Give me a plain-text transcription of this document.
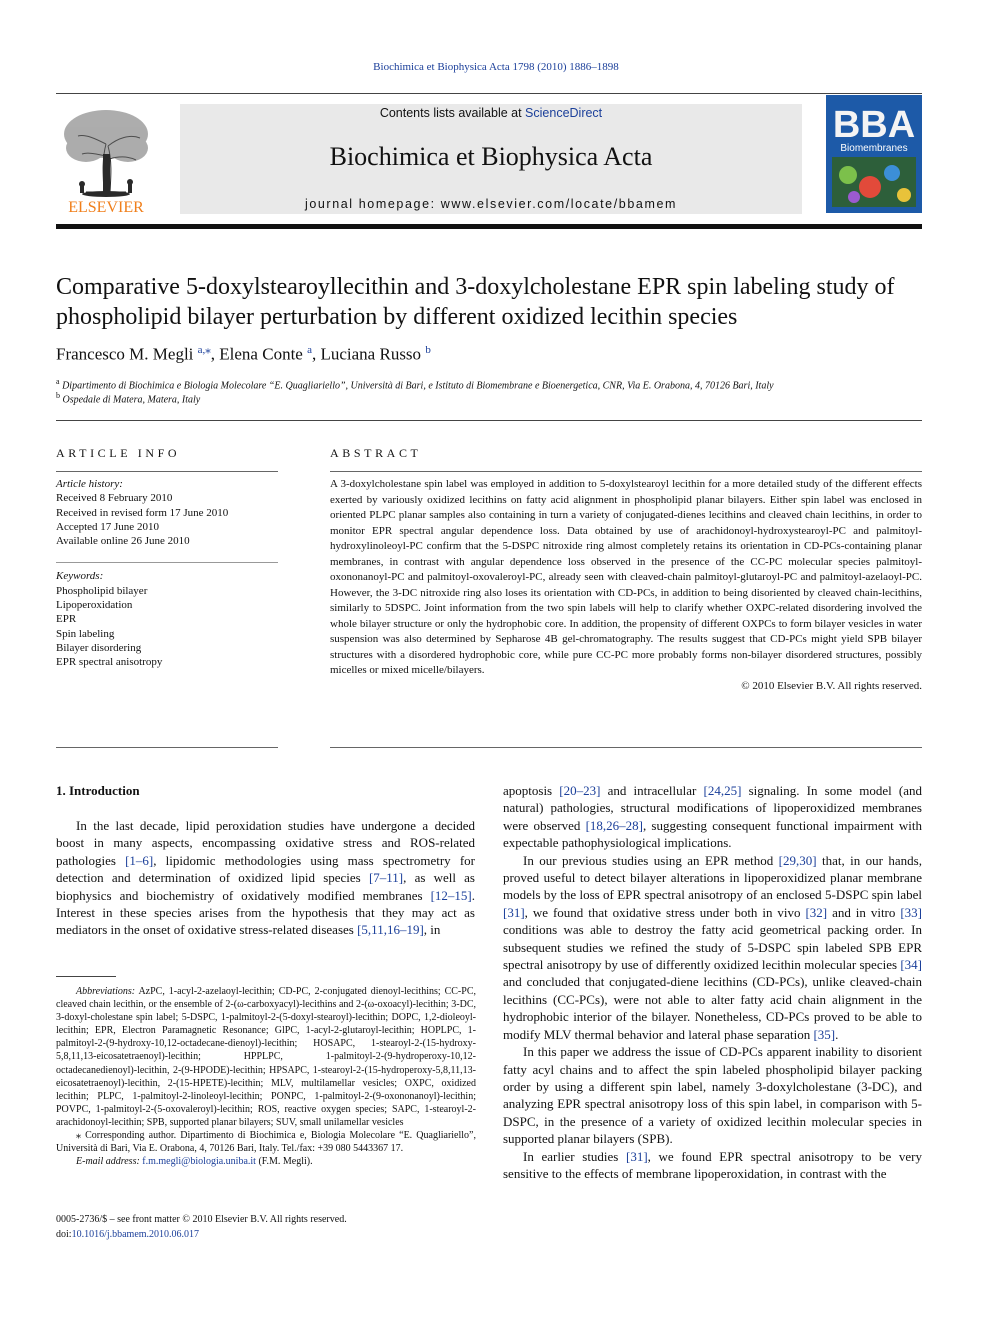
Biochimica et Biophysica Acta 1798 (2010) 1886–1898
ELSEVIER
Contents lists available at ScienceDirect
Biochimica et Biophysica Acta
journal homepage: www.elsevier.com/locate/bbamem
BBA
Biomembranes
Comparative 5-doxylstearoyllecithin and 3-doxylcholestane EPR spin labeling study of phospholipid bilayer perturbation by different oxidized lecithin species
Francesco M. Megli $^{a,⁎}$, Elena Conte $^a$, Luciana Russo $^b$
$^a$ Dipartimento di Biochimica e Biologia Molecolare “E. Quagliariello”, Università di Bari, e Istituto di Biomembrane e Bioenergetica, CNR, Via E. Orabona, 4, 70126 Bari, Italy
$^b$ Ospedale di Matera, Matera, Italy
ARTICLE INFO
Article history:
Received 8 February 2010
Received in revised form 17 June 2010
Accepted 17 June 2010
Available online 26 June 2010
Keywords:
Phospholipid bilayer
Lipoperoxidation
EPR
Spin labeling
Bilayer disordering
EPR spectral anisotropy
ABSTRACT
A 3-doxylcholestane spin label was employed in addition to 5-doxylstearoyl lecithin for a more detailed study of the different effects exerted by variously oxidized lecithins on fatty acid alignment in phospholipid planar bilayers. Either spin label was enclosed in oriented PLPC planar samples also containing in turn a variety of conjugated-dienes lecithins and cleaved chain lecithins, in order to monitor EPR spectral angular dependence loss. Data obtained by use of arachidonoyl-hydroxystearoyl-PC and palmitoyl-hydroxylinoleoyl-PC confirm that the 5-DSPC nitroxide ring almost completely retains its orientation in CD-PCs-containing planar membranes, in contrast with angular dependence loss observed in the presence of the CC-PC molecular species palmitoyl-oxononanoyl-PC and palmitoyl-oxovaleroyl-PC, already seen with cleaved-chain palmitoyl-glutaroyl-PC and palmitoyl-azelaoyl-PC. However, the 3-DC nitroxide ring also loses its orientation with CD-PCs, in addition to being disoriented by cleaved chain-lecithins, similarly to 5DSPC. Joint information from the two spin labels will help to clarify whether OXPC-related disordering involved the whole bilayer structure or only the hydrophobic core. In addition, the propensity of different OXPCs to form bilayer vesicles in water suspension was also determined by Sepharose 4B gel-chromatography. The results suggest that CD-PCs might yield SPB bilayer structures with a disordered hydrophobic core, while pure CC-PC more probably forms non-bilayer disordered structures, possibly micelles or mixed micelle/bilayers.
© 2010 Elsevier B.V. All rights reserved.
1. Introduction

In the last decade, lipid peroxidation studies have undergone a decided boost in many aspects, encompassing oxidative stress and ROS-related pathologies [1–6], lipidomic methodologies using mass spectrometry for detection and determination of oxidized lipid species [7–11], as well as biophysics and biochemistry of oxidatively modified membranes [12–15]. Interest in these species arises from the hypothesis that they may act as mediators in the onset of oxidative stress-related diseases [5,11,16–19], in

apoptosis [20–23] and intracellular [24,25] signaling. In some model (and natural) pathologies, structural modifications of lipoperoxidized membranes were observed [18,26–28], suggesting consequent functional impairment with expectable pathophysiological implications.

In our previous studies using an EPR method [29,30] that, in our hands, proved useful to detect bilayer alterations in lipoperoxidized planar membrane models by the loss of EPR spectral anisotropy of an enclosed 5-DSPC spin label [31], we found that oxidative stress under both in vivo [32] and in vitro [33] conditions was able to destroy the fatty acid geometrical packing order. In subsequent studies we refined the study of 5-DSPC spin labeled SPB EPR spectral anisotropy by use of differently oxidized lecithin molecular species [34] and concluded that conjugated-diene lecithins (CD-PCs), unlike cleaved-chain lecithins (CC-PCs), were not able to alter fatty acid chain alignment in the hydrophobic interior of the bilayer. Nonetheless, CD-PCs proved to be able to modify MLV thermal behavior and lateral phase separation [35].

In this paper we address the issue of CD-PCs apparent inability to disorient fatty acyl chains and to affect the spin labeled phospholipid bilayer packing order by using a different spin label, namely 3-doxylcholestane (3-DC), and analyzing EPR spectral anisotropy loss of this spin label, in comparison with 5-DSPC, in the presence of a variety of oxidized lecithin molecular species in supported planar bilayers (SPB).

In earlier studies [31], we found EPR spectral anisotropy to be very sensitive to the effects of membrane lipoperoxidation, in contrast with the

Abbreviations: AzPC, 1-acyl-2-azelaoyl-lecithin; CD-PC, 2-conjugated dienoyl-lecithins; CC-PC, cleaved chain lecithin, or the ensemble of 2-(ω-carboxyacyl)-lecithins and 2-(ω-oxoacyl)-lecithin; 3-DC, 3-doxyl-cholestane spin label; 5-DSPC, 1-palmitoyl-2-(5-doxyl-stearoyl)-lecithin; DOPC, 1,2-dioleoyl-lecithin; EPR, Electron Paramagnetic Resonance; GlPC, 1-acyl-2-glutaroyl-lecithin; HOPLPC, 1-palmitoyl-2-(9-hydroxy-10,12-octadecane-dienoyl)-lecithin; HOSAPC, 1-stearoyl-2-(15-hydroxy-5,8,11,13-eicosatetraenoyl)-lecithin; HPPLPC, 1-palmitoyl-2-(9-hydroperoxy-10,12-octadecanedienoyl)-lecithin, 2-(9-HPODE)-lecithin; HPSAPC, 1-stearoyl-2-(15-hydroperoxy-5,8,11,13-eicosatetraenoyl)-lecithin, 2-(15-HPETE)-lecithin; MLV, multilamellar vesicles; OXPC, oxidized lecithin; PLPC, 1-palmitoyl-2-linoleoyl-lecithin; PONPC, 1-palmitoyl-2-(9-oxononanoyl)-lecithin; POVPC, 1-palmitoyl-2-(5-oxovaleroyl)-lecithin; ROS, reactive oxygen species; SAPC, 1-stearoyl-2-arachidonoyl-lecithin; SPB, supported planar bilayers; SUV, small unilamellar vesicles

⁎ Corresponding author. Dipartimento di Biochimica e, Biologia Molecolare “E. Quagliariello”, Università di Bari, Via E. Orabona, 4, 70126 Bari, Italy. Tel./fax: +39 080 5443367 17.

E-mail address: f.m.megli@biologia.uniba.it (F.M. Megli).

0005-2736/$ – see front matter © 2010 Elsevier B.V. All rights reserved.
doi:10.1016/j.bbamem.2010.06.017
